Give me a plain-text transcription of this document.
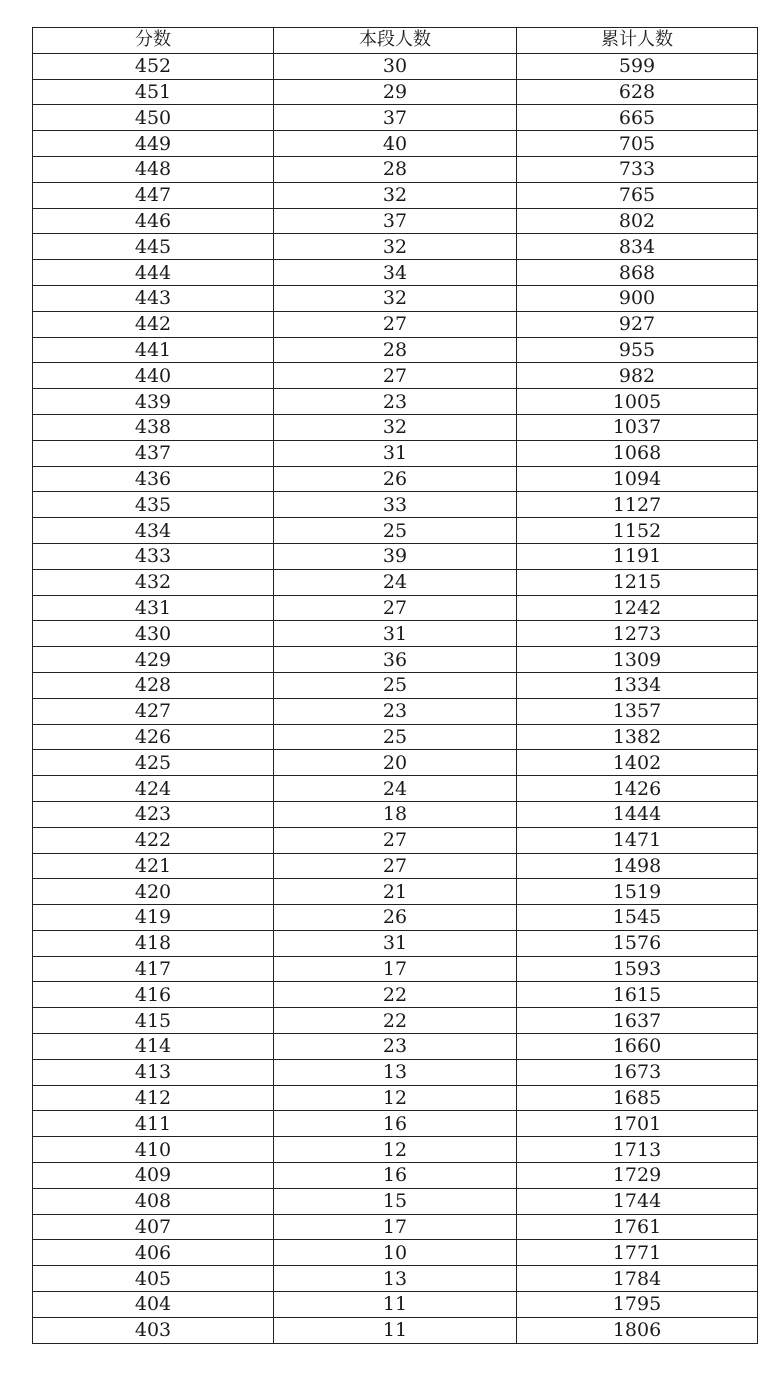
分数	本段人数	累计人数
452	30	599
451	29	628
450	37	665
449	40	705
448	28	733
447	32	765
446	37	802
445	32	834
444	34	868
443	32	900
442	27	927
441	28	955
440	27	982
439	23	1005
438	32	1037
437	31	1068
436	26	1094
435	33	1127
434	25	1152
433	39	1191
432	24	1215
431	27	1242
430	31	1273
429	36	1309
428	25	1334
427	23	1357
426	25	1382
425	20	1402
424	24	1426
423	18	1444
422	27	1471
421	27	1498
420	21	1519
419	26	1545
418	31	1576
417	17	1593
416	22	1615
415	22	1637
414	23	1660
413	13	1673
412	12	1685
411	16	1701
410	12	1713
409	16	1729
408	15	1744
407	17	1761
406	10	1771
405	13	1784
404	11	1795
403	11	1806
